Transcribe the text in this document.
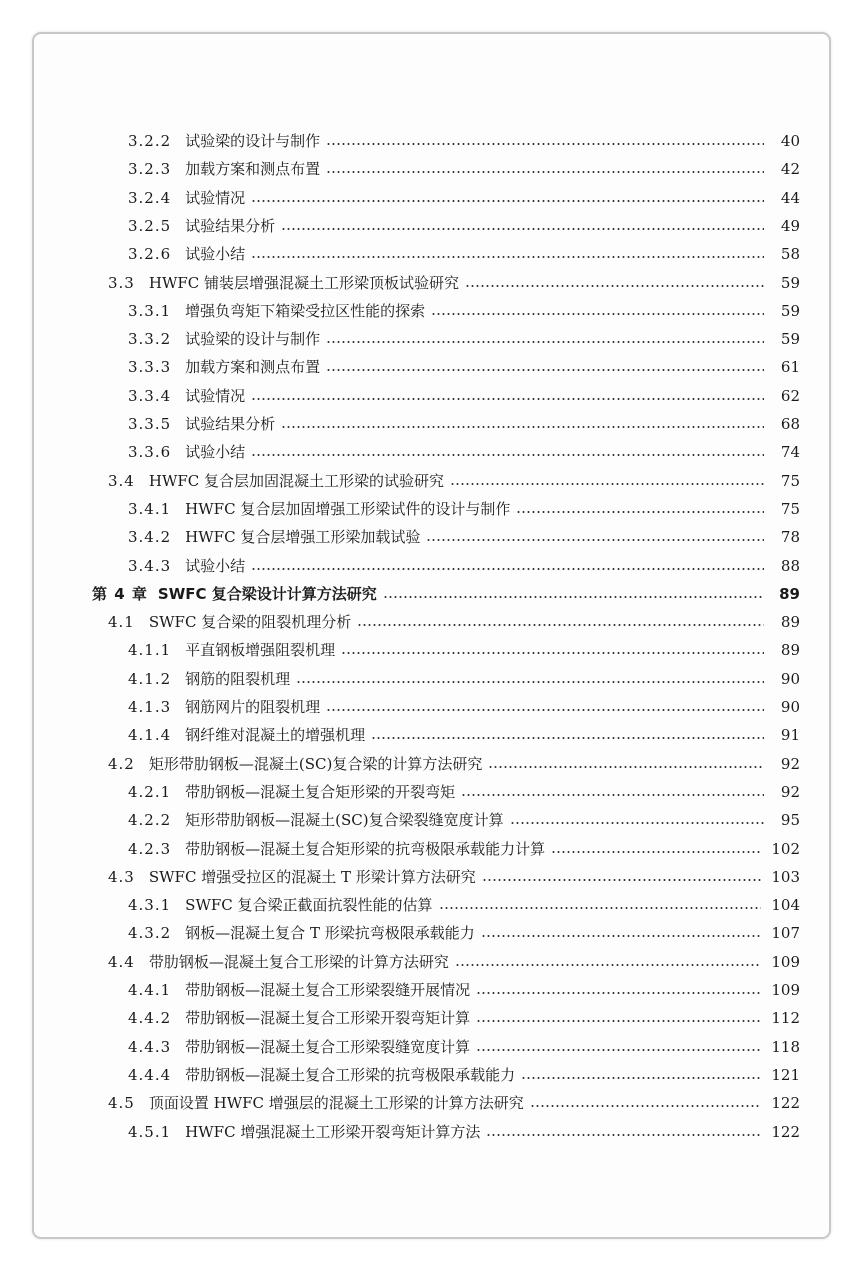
3.2.2 试验梁的设计与制作	40
3.2.3 加载方案和测点布置	42
3.2.4 试验情况	44
3.2.5 试验结果分析	49
3.2.6 试验小结	58
3.3 HWFC 铺装层增强混凝土工形梁顶板试验研究	59
3.3.1 增强负弯矩下箱梁受拉区性能的探索	59
3.3.2 试验梁的设计与制作	59
3.3.3 加载方案和测点布置	61
3.3.4 试验情况	62
3.3.5 试验结果分析	68
3.3.6 试验小结	74
3.4 HWFC 复合层加固混凝土工形梁的试验研究	75
3.4.1 HWFC 复合层加固增强工形梁试件的设计与制作	75
3.4.2 HWFC 复合层增强工形梁加载试验	78
3.4.3 试验小结	88
第 4 章 SWFC 复合梁设计计算方法研究	89
4.1 SWFC 复合梁的阻裂机理分析	89
4.1.1 平直钢板增强阻裂机理	89
4.1.2 钢筋的阻裂机理	90
4.1.3 钢筋网片的阻裂机理	90
4.1.4 钢纤维对混凝土的增强机理	91
4.2 矩形带肋钢板—混凝土(SC)复合梁的计算方法研究	92
4.2.1 带肋钢板—混凝土复合矩形梁的开裂弯矩	92
4.2.2 矩形带肋钢板—混凝土(SC)复合梁裂缝宽度计算	95
4.2.3 带肋钢板—混凝土复合矩形梁的抗弯极限承载能力计算	102
4.3 SWFC 增强受拉区的混凝土 T 形梁计算方法研究	103
4.3.1 SWFC 复合梁正截面抗裂性能的估算	104
4.3.2 钢板—混凝土复合 T 形梁抗弯极限承载能力	107
4.4 带肋钢板—混凝土复合工形梁的计算方法研究	109
4.4.1 带肋钢板—混凝土复合工形梁裂缝开展情况	109
4.4.2 带肋钢板—混凝土复合工形梁开裂弯矩计算	112
4.4.3 带肋钢板—混凝土复合工形梁裂缝宽度计算	118
4.4.4 带肋钢板—混凝土复合工形梁的抗弯极限承载能力	121
4.5 顶面设置 HWFC 增强层的混凝土工形梁的计算方法研究	122
4.5.1 HWFC 增强混凝土工形梁开裂弯矩计算方法	122
